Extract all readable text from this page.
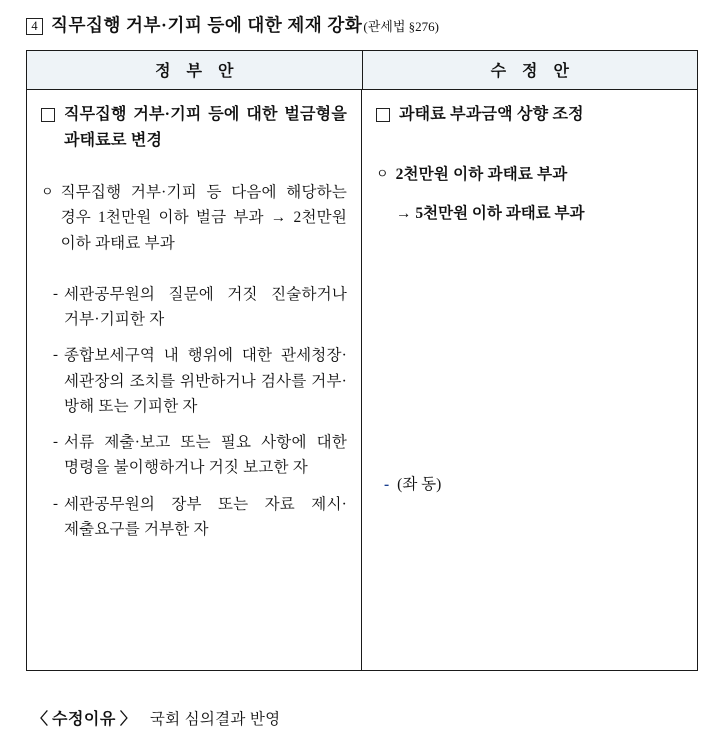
4 직무집행 거부·기피 등에 대한 제재 강화 (관세법 §276)
정 부 안	수 정 안
직무집행 거부·기피 등에 대한 벌금형을 과태료로 변경
ㅇ 직무집행 거부·기피 등 다음에 해당하는 경우 1천만원 이하 벌금 부과 → 2천만원 이하 과태료 부과
- 세관공무원의 질문에 거짓 진술하거나 거부·기피한 자
- 종합보세구역 내 행위에 대한 관세청장·세관장의 조치를 위반하거나 검사를 거부·방해 또는 기피한 자
- 서류 제출·보고 또는 필요 사항에 대한 명령을 불이행하거나 거짓 보고한 자
- 세관공무원의 장부 또는 자료 제시·제출요구를 거부한 자
과태료 부과금액 상향 조정
ㅇ 2천만원 이하 과태료 부과
→ 5천만원 이하 과태료 부과
- (좌 동)
〈 수정이유 〉 국회 심의결과 반영
